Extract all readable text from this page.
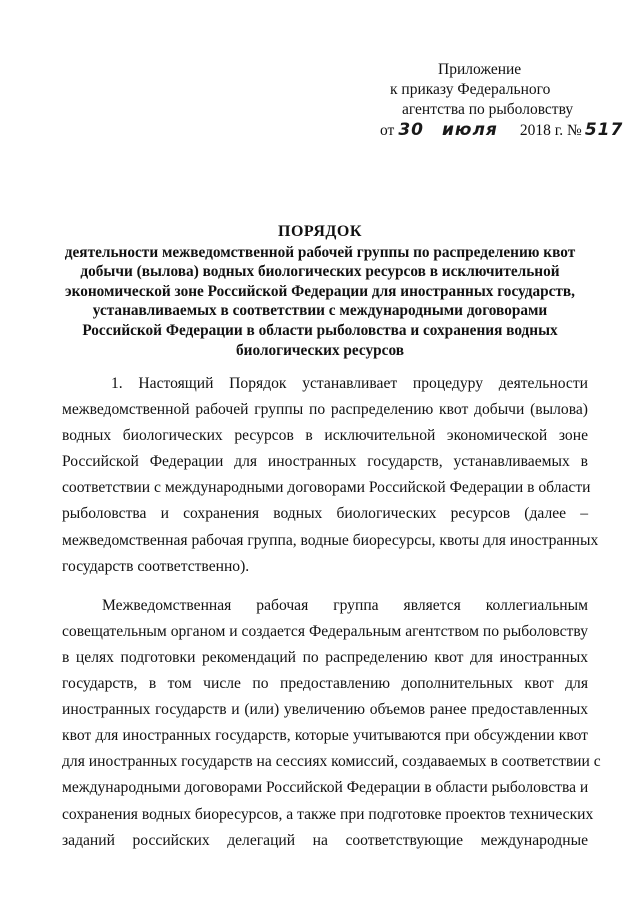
Приложение
к приказу Федерального
агентства по рыболовству
от 30 июля 2018 г. № 517
ПОРЯДОК
деятельности межведомственной рабочей группы по распределению квот
добычи (вылова) водных биологических ресурсов в исключительной
экономической зоне Российской Федерации для иностранных государств,
устанавливаемых в соответствии с международными договорами
Российской Федерации в области рыболовства и сохранения водных
биологических ресурсов
1. Настоящий Порядок устанавливает процедуру деятельности
межведомственной рабочей группы по распределению квот добычи (вылова)
водных биологических ресурсов в исключительной экономической зоне
Российской Федерации для иностранных государств, устанавливаемых в
соответствии с международными договорами Российской Федерации в области
рыболовства и сохранения водных биологических ресурсов (далее –
межведомственная рабочая группа, водные биоресурсы, квоты для иностранных
государств соответственно).
Межведомственная рабочая группа является коллегиальным
совещательным органом и создается Федеральным агентством по рыболовству
в целях подготовки рекомендаций по распределению квот для иностранных
государств, в том числе по предоставлению дополнительных квот для
иностранных государств и (или) увеличению объемов ранее предоставленных
квот для иностранных государств, которые учитываются при обсуждении квот
для иностранных государств на сессиях комиссий, создаваемых в соответствии с
международными договорами Российской Федерации в области рыболовства и
сохранения водных биоресурсов, а также при подготовке проектов технических
заданий российских делегаций на соответствующие международные
